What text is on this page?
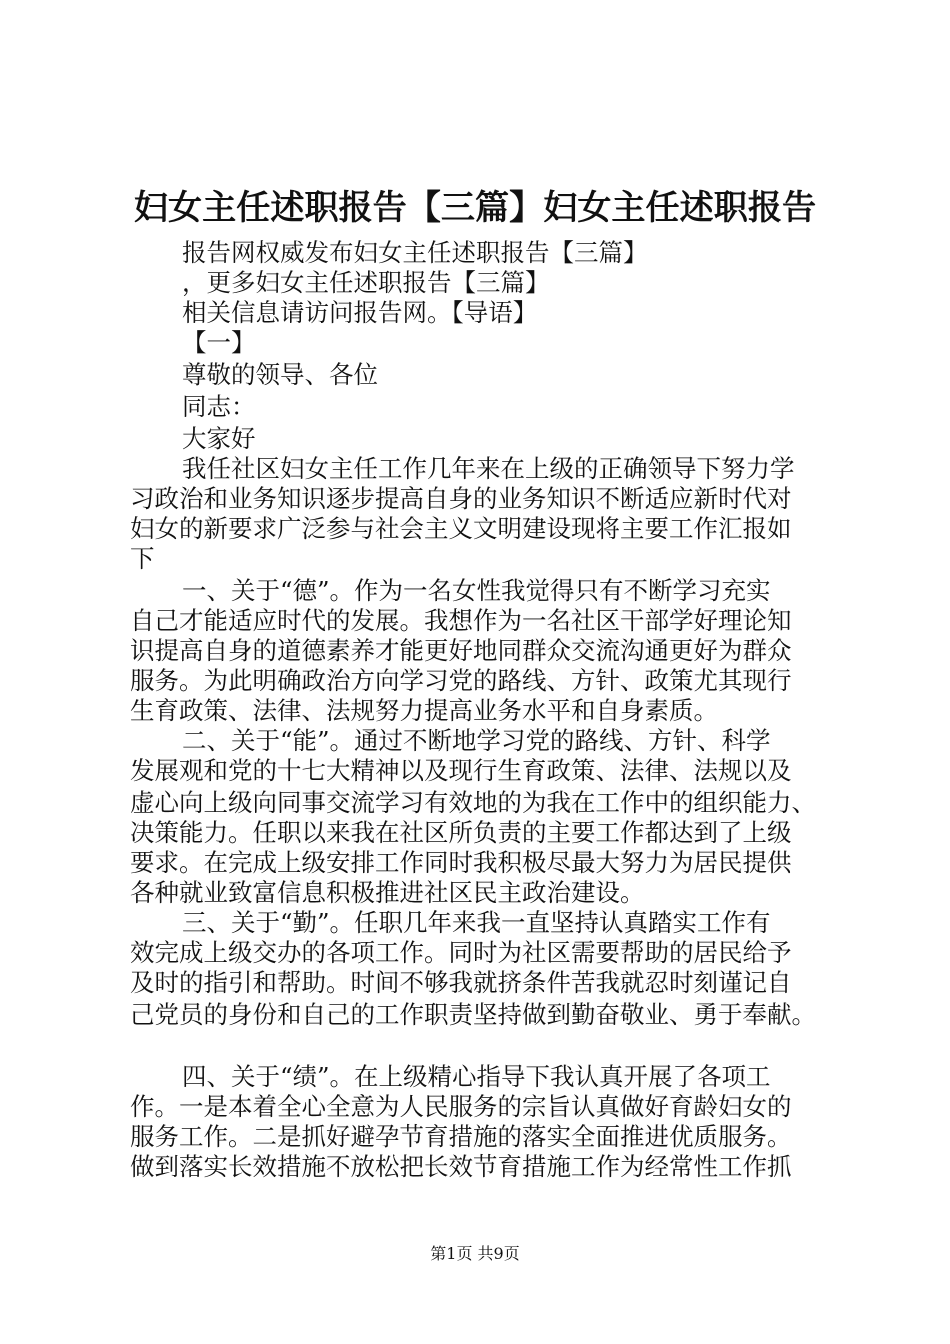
妇女主任述职报告【三篇】妇女主任述职报告
报告网权威发布妇女主任述职报告【三篇】
，更多妇女主任述职报告【三篇】
相关信息请访问报告网。【导语】
【一】
尊敬的领导、各位
同志：
大家好
我任社区妇女主任工作几年来在上级的正确领导下努力学
习政治和业务知识逐步提高自身的业务知识不断适应新时代对
妇女的新要求广泛参与社会主义文明建设现将主要工作汇报如
下
一、关于“德”。作为一名女性我觉得只有不断学习充实
自己才能适应时代的发展。我想作为一名社区干部学好理论知
识提高自身的道德素养才能更好地同群众交流沟通更好为群众
服务。为此明确政治方向学习党的路线、方针、政策尤其现行
生育政策、法律、法规努力提高业务水平和自身素质。
二、关于“能”。通过不断地学习党的路线、方针、科学
发展观和党的十七大精神以及现行生育政策、法律、法规以及
虚心向上级向同事交流学习有效地的为我在工作中的组织能力、
决策能力。任职以来我在社区所负责的主要工作都达到了上级
要求。在完成上级安排工作同时我积极尽最大努力为居民提供
各种就业致富信息积极推进社区民主政治建设。
三、关于“勤”。任职几年来我一直坚持认真踏实工作有
效完成上级交办的各项工作。同时为社区需要帮助的居民给予
及时的指引和帮助。时间不够我就挤条件苦我就忍时刻谨记自
己党员的身份和自己的工作职责坚持做到勤奋敬业、勇于奉献。
四、关于“绩”。在上级精心指导下我认真开展了各项工
作。一是本着全心全意为人民服务的宗旨认真做好育龄妇女的
服务工作。二是抓好避孕节育措施的落实全面推进优质服务。
做到落实长效措施不放松把长效节育措施工作为经常性工作抓
第1页 共9页
